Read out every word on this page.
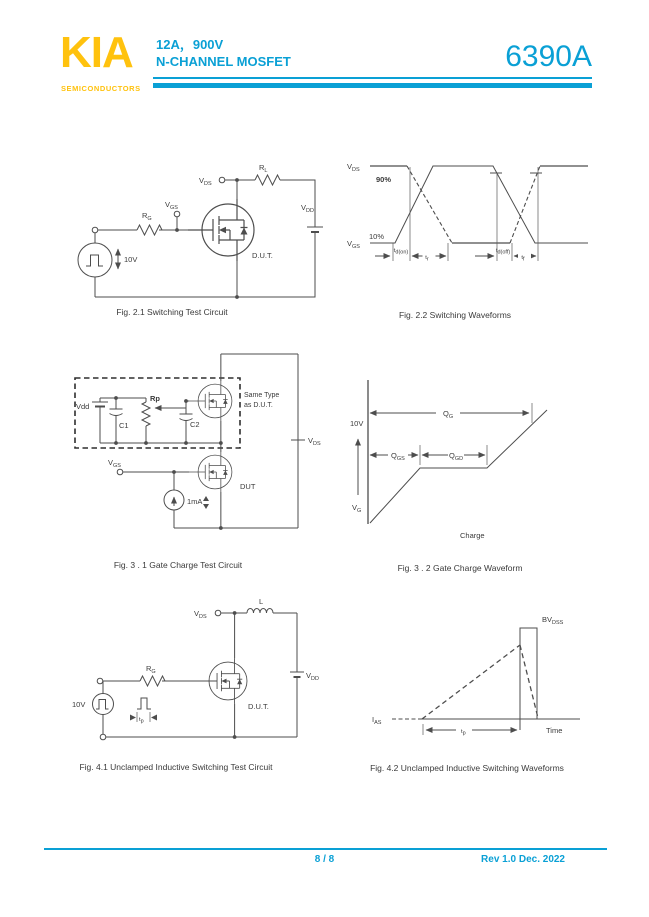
KIA
SEMICONDUCTORS
12A，900V
N-CHANNEL MOSFET	6390A
$V_{DS}$
$R_L$
$V_{DD}$
$V_{GS}$
$R_G$
10V	D.U.T.
Fig. 2.1 Switching Test Circuit
$V_{DS}$
$V_{GS}$
90%
10%
td(on)
tr
td(off)
tf
Fig. 2.2 Switching Waveforms
Vdd
C1
Rp
C2
Same Type
as D.U.T.
$V_{GS}$
$V_{DS}$
1mA
DUT
Fig. 3 . 1 Gate Charge Test Circuit
$Q_G$
$Q_{GS}$	$Q_{GD}$
10V
$V_G$
Charge
Fig. 3 . 2 Gate Charge Waveform
$V_{DS}$
L
$V_{DD}$
$R_G$
10V
tp
D.U.T.
Fig. 4.1 Unclamped Inductive Switching Test Circuit
$BV_{DSS}$
$I_{AS}$
Time
tp
Fig. 4.2 Unclamped Inductive Switching Waveforms
8 / 8	Rev 1.0 Dec. 2022
